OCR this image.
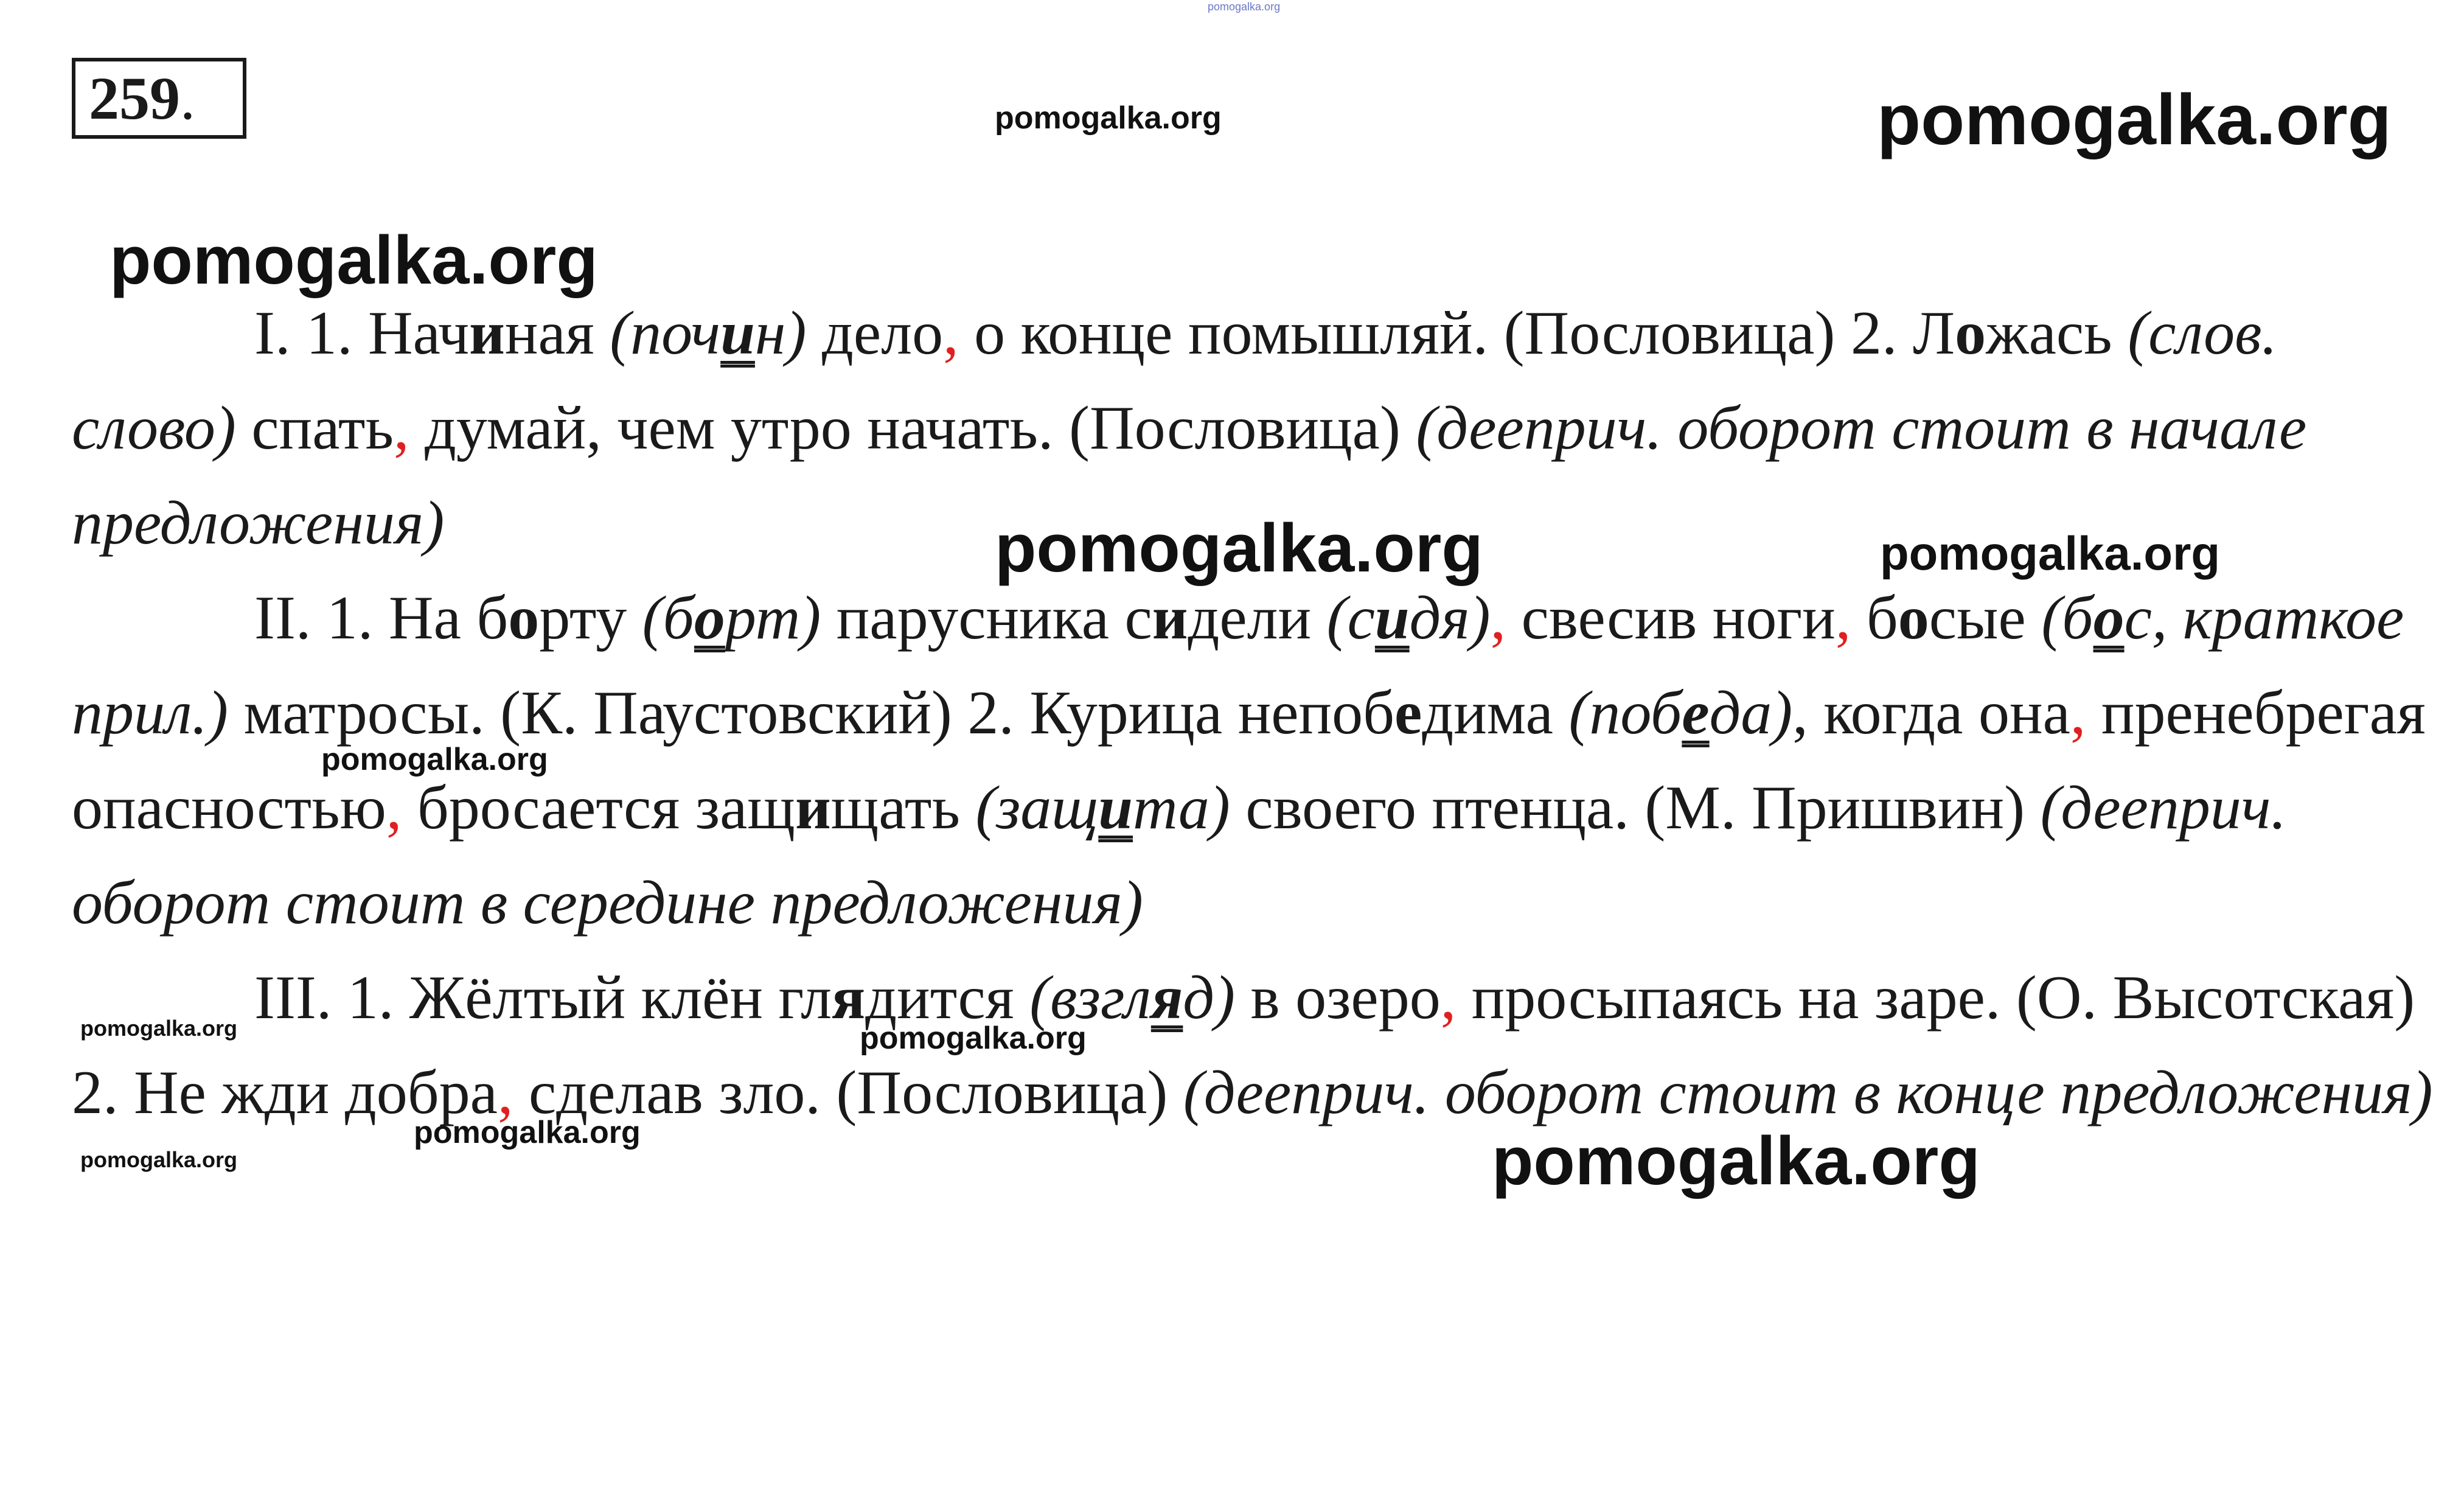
pomogalka.org
259.

I. 1. Начиная (почин) дело, о конце помышляй. (Пословица) 2. Ложась (слов. слово) спать, думай, чем утро начать. (Пословица) (дееприч. оборот стоит в начале предложения)

II. 1. На борту (борт) парусника сидели (сидя), свесив ноги, босые (бос, краткое прил.) матросы. (К. Паустовский) 2. Курица непобедима (победа), когда она, пренебрегая опасностью, бросается защищать (защита) своего птенца. (М. Пришвин) (дееприч. оборот стоит в середине предложения)

III. 1. Жёлтый клён глядится (взгляд) в озеро, просыпаясь на заре. (О. Высотская) 2. Не жди добра, сделав зло. (Пословица) (дееприч. оборот стоит в конце предложения)

pomogalka.org	pomogalka.org
pomogalka.org
pomogalka.org	pomogalka.org
pomogalka.org
pomogalka.org	pomogalka.org
pomogalka.org
pomogalka.org	pomogalka.org
